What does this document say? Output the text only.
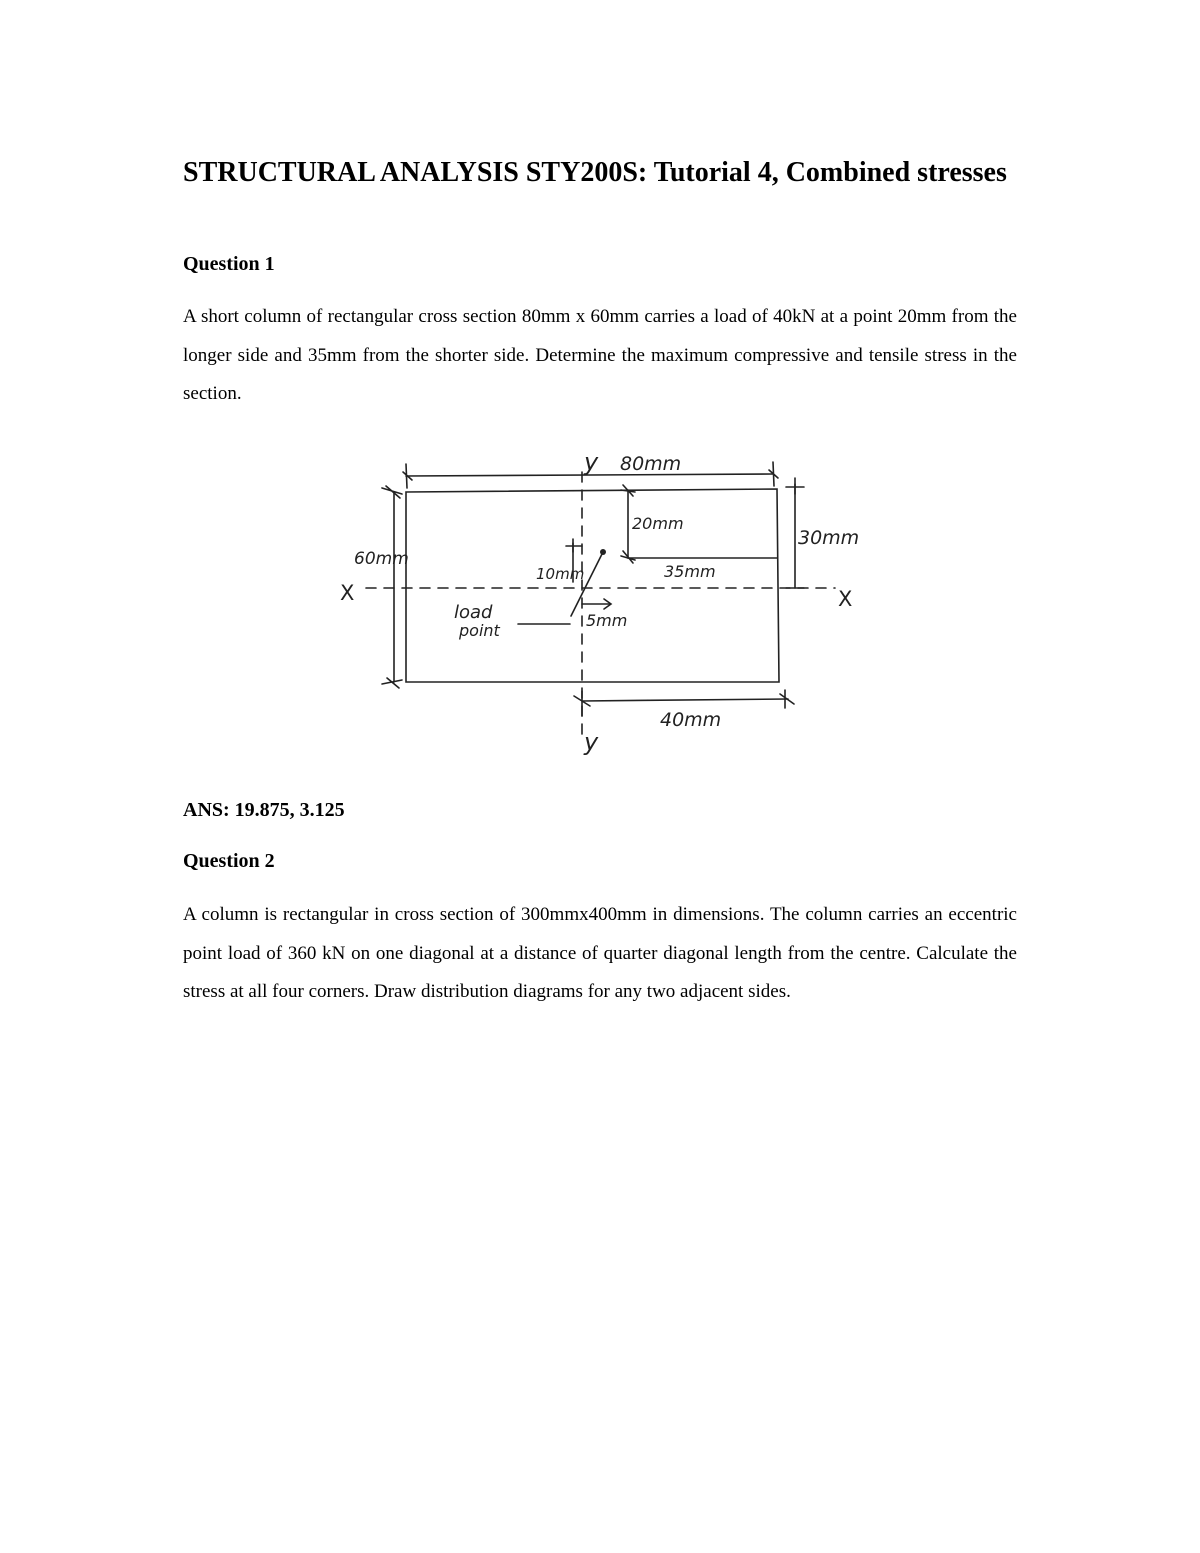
STRUCTURAL ANALYSIS STY200S: Tutorial 4, Combined stresses
Question 1

A short column of rectangular cross section 80mm x 60mm carries a load of 40kN at a point 20mm from the longer side and 35mm from the shorter side. Determine the maximum compressive and tensile stress in the section.

y 80mm
60mm
X	X
20mm
35mm
30mm
10mm
5mm
load
point
40mm
y

ANS: 19.875, 3.125

Question 2

A column is rectangular in cross section of 300mmx400mm in dimensions. The column carries an eccentric point load of 360 kN on one diagonal at a distance of quarter diagonal length from the centre. Calculate the stress at all four corners. Draw distribution diagrams for any two adjacent sides.
